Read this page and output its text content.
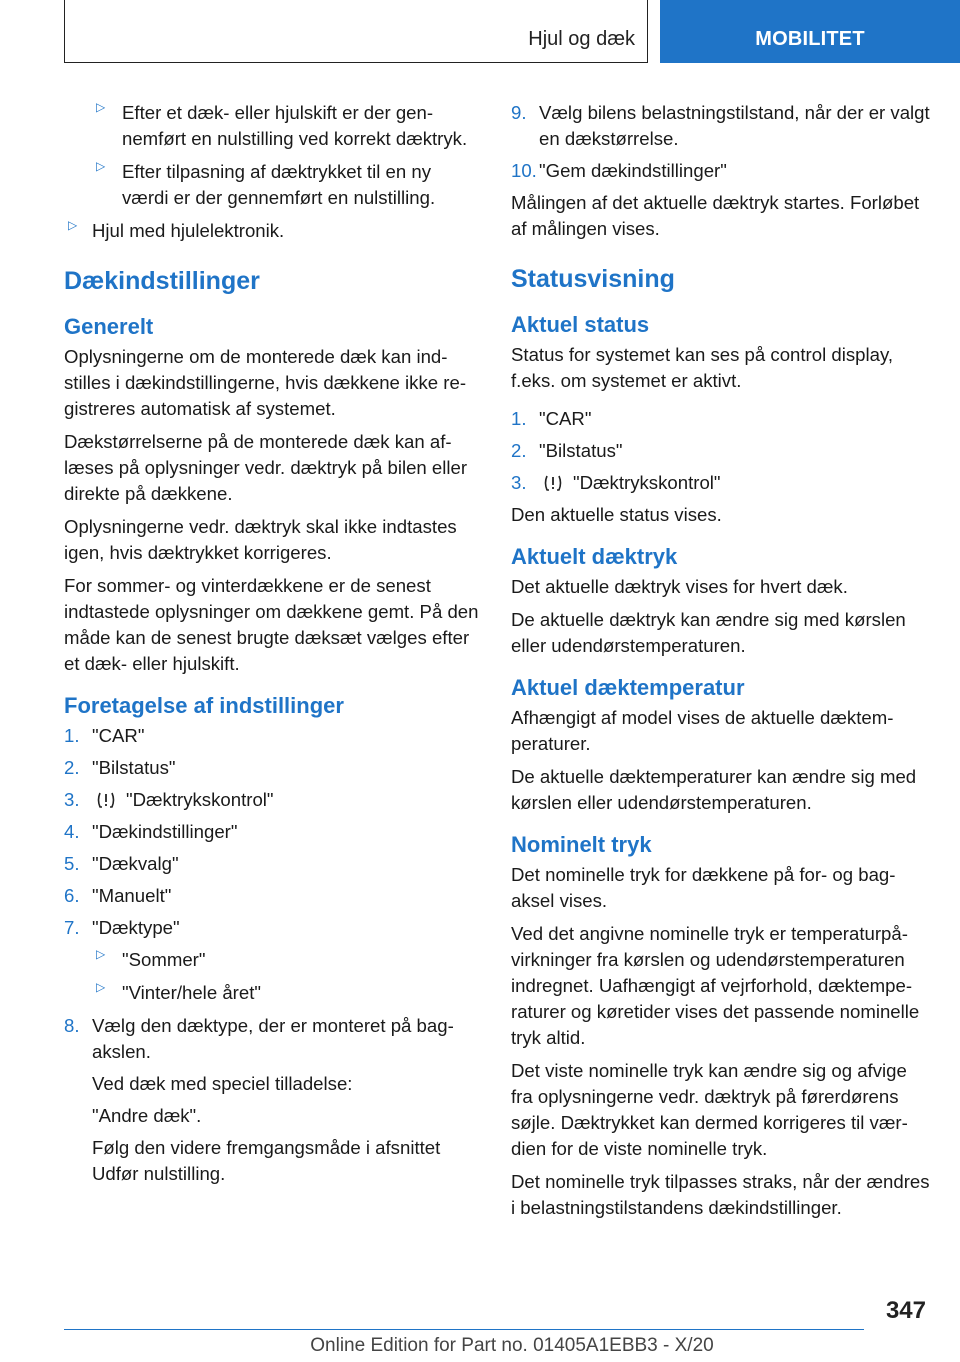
Hjul og dæk	MOBILITET
▷ Efter et dæk- eller hjulskift er der gennemført en nulstilling ved korrekt dæktryk.
▷ Efter tilpasning af dæktrykket til en ny værdi er der gennemført en nulstilling.
▷ Hjul med hjulelektronik.
Dækindstillinger
Generelt

Oplysningerne om de monterede dæk kan indstilles i dækindstillingerne, hvis dækkene ikke registreres automatisk af systemet.

Dækstørrelserne på de monterede dæk kan aflæses på oplysninger vedr. dæktryk på bilen eller direkte på dækkene.

Oplysningerne vedr. dæktryk skal ikke indtastes igen, hvis dæktrykket korrigeres.

For sommer- og vinterdækkene er de senest indtastede oplysninger om dækkene gemt. På den måde kan de senest brugte dæksæt vælges efter et dæk- eller hjulskift.

Foretagelse af indstillinger
1. "CAR"
2. "Bilstatus"
3.	"Dæktrykskontrol"
4. "Dækindstillinger"
5. "Dækvalg"
6. "Manuelt"
7. "Dæktype"
▷ "Sommer"
▷ "Vinter/hele året"
8. Vælg den dæktype, der er monteret på bagakslen.
Ved dæk med speciel tilladelse:
"Andre dæk".
Følg den videre fremgangsmåde i afsnittet Udfør nulstilling.
9. Vælg bilens belastningstilstand, når der er valgt en dækstørrelse.
10. "Gem dækindstillinger"

Målingen af det aktuelle dæktryk startes. Forløbet af målingen vises.

Statusvisning
Aktuel status

Status for systemet kan ses på control display, f.eks. om systemet er aktivt.

1. "CAR"
2. "Bilstatus"
3.	"Dæktrykskontrol"

Den aktuelle status vises.

Aktuelt dæktryk

Det aktuelle dæktryk vises for hvert dæk.

De aktuelle dæktryk kan ændre sig med kørslen eller udendørstemperaturen.

Aktuel dæktemperatur

Afhængigt af model vises de aktuelle dæktemperaturer.

De aktuelle dæktemperaturer kan ændre sig med kørslen eller udendørstemperaturen.

Nominelt tryk

Det nominelle tryk for dækkene på for- og bagaksel vises.

Ved det angivne nominelle tryk er temperaturpåvirkninger fra kørslen og udendørstemperaturen indregnet. Uafhængigt af vejrforhold, dæktemperaturer og køretider vises det passende nominelle tryk altid.

Det viste nominelle tryk kan ændre sig og afvige fra oplysningerne vedr. dæktryk på førerdørens søjle. Dæktrykket kan dermed korrigeres til værdien for de viste nominelle tryk.

Det nominelle tryk tilpasses straks, når der ændres i belastningstilstandens dækindstillinger.

347
Online Edition for Part no. 01405A1EBB3 - X/20
